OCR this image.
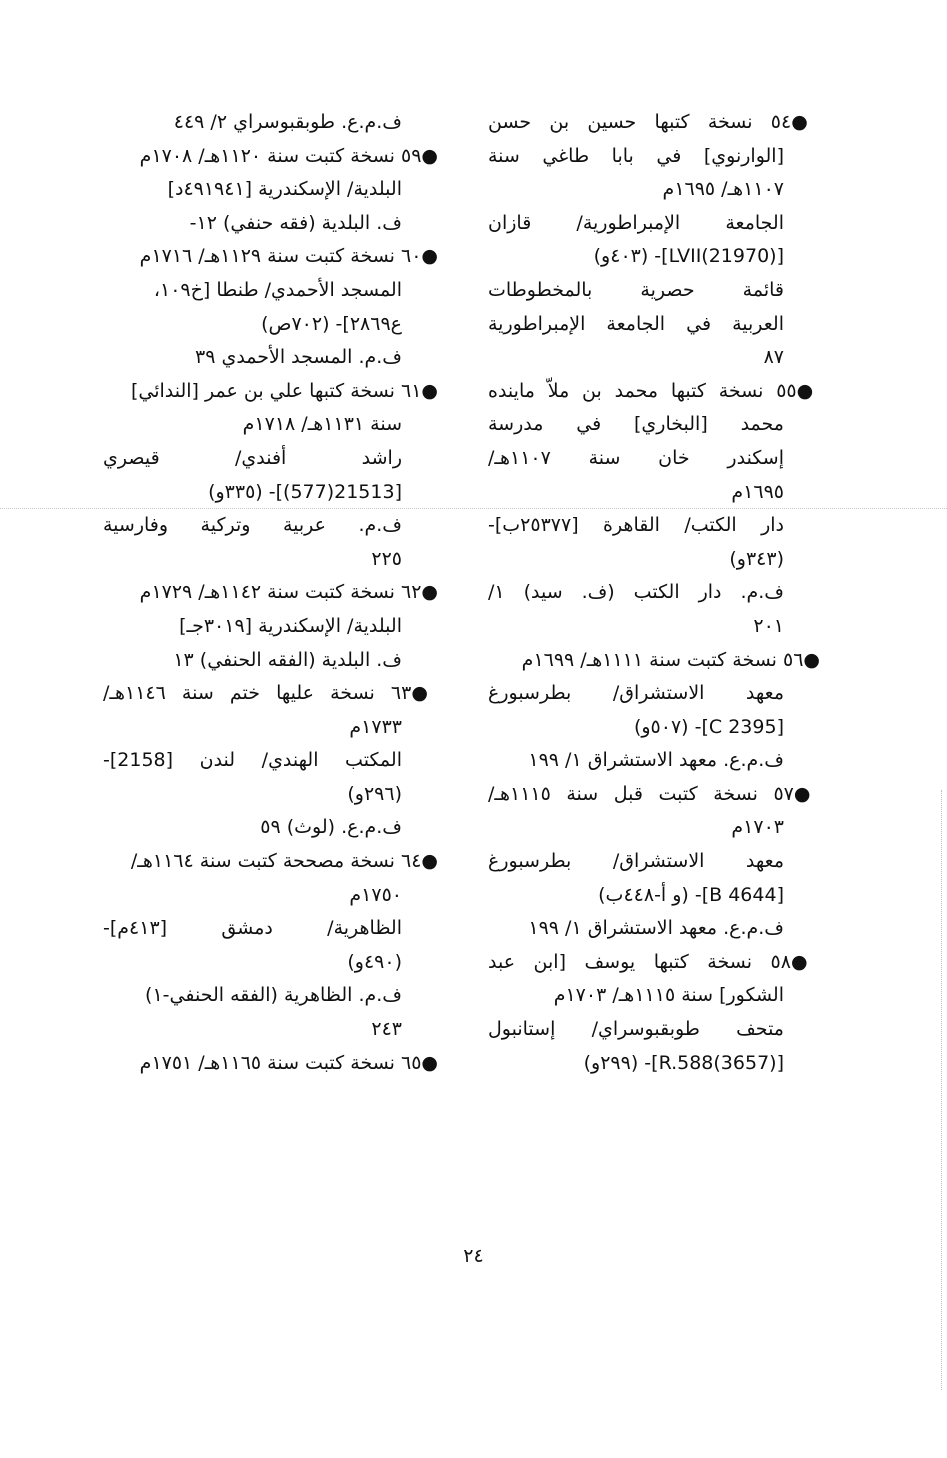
●٥٤ نسخة كتبها حسين بن حسن
[الوارنوي] في بابا طاغي سنة
١١٠٧هـ/ ١٦٩٥م
الجامعة الإمبراطورية/ قازان
[LVII(21970)]- (٤٠٣و)
قائمة حصرية بالمخطوطات
العربية في الجامعة الإمبراطورية
٨٧
●٥٥ نسخة كتبها محمد بن ملاّ ماينده
محمد [البخاري] في مدرسة
إسكندر خان سنة ١١٠٧هـ/
١٦٩٥م
دار الكتب/ القاهرة [٢٥٣٧٧ب]-
(٣٤٣و)
ف.م. دار الكتب (ف. سيد) ١/
٢٠١
●٥٦ نسخة كتبت سنة ١١١١هـ/ ١٦٩٩م
معهد الاستشراق/ بطرسبورغ
[C 2395]- (٥٠٧و)
ف.م.ع. معهد الاستشراق ١/ ١٩٩
●٥٧ نسخة كتبت قبل سنة ١١١٥هـ/
١٧٠٣م
معهد الاستشراق/ بطرسبورغ
[B 4644]- (و أ-٤٤٨ب)
ف.م.ع. معهد الاستشراق ١/ ١٩٩
●٥٨ نسخة كتبها يوسف [ابن عبد
الشكور] سنة ١١١٥هـ/ ١٧٠٣م
متحف طوبقبوسراي/ إستانبول
[R.588(3657)]- (٢٩٩و)
ف.م.ع. طوبقبوسراي ٢/ ٤٤٩
●٥٩ نسخة كتبت سنة ١١٢٠هـ/ ١٧٠٨م
البلدية/ الإسكندرية [٤٩١٩٤١د]
ف. البلدية (فقه حنفي) ١٢-
●٦٠ نسخة كتبت سنة ١١٢٩هـ/ ١٧١٦م
المسجد الأحمدي/ طنطا [خ١٠٩،
ع٢٨٦٩]- (٧٠٢ص)
ف.م. المسجد الأحمدي ٣٩
●٦١ نسخة كتبها علي بن عمر [الندائي]
سنة ١١٣١هـ/ ١٧١٨م
راشد أفندي/ قيصري
[21513(577)]- (٣٣٥و)
ف.م. عربية وتركية وفارسية
٢٢٥
●٦٢ نسخة كتبت سنة ١١٤٢هـ/ ١٧٢٩م
البلدية/ الإسكندرية [٣٠١٩جـ]
ف. البلدية (الفقه الحنفي) ١٣
●٦٣ نسخة عليها ختم سنة ١١٤٦هـ/
١٧٣٣م
المكتب الهندي/ لندن [2158]-
(٢٩٦و)
ف.م.ع. (لوث) ٥٩
●٦٤ نسخة مصححة كتبت سنة ١١٦٤هـ/
١٧٥٠م
الظاهرية/ دمشق [٤١٣م]-
(٤٩٠و)
ف.م. الظاهرية (الفقه الحنفي-١)
٢٤٣
●٦٥ نسخة كتبت سنة ١١٦٥هـ/ ١٧٥١م
٢٤
